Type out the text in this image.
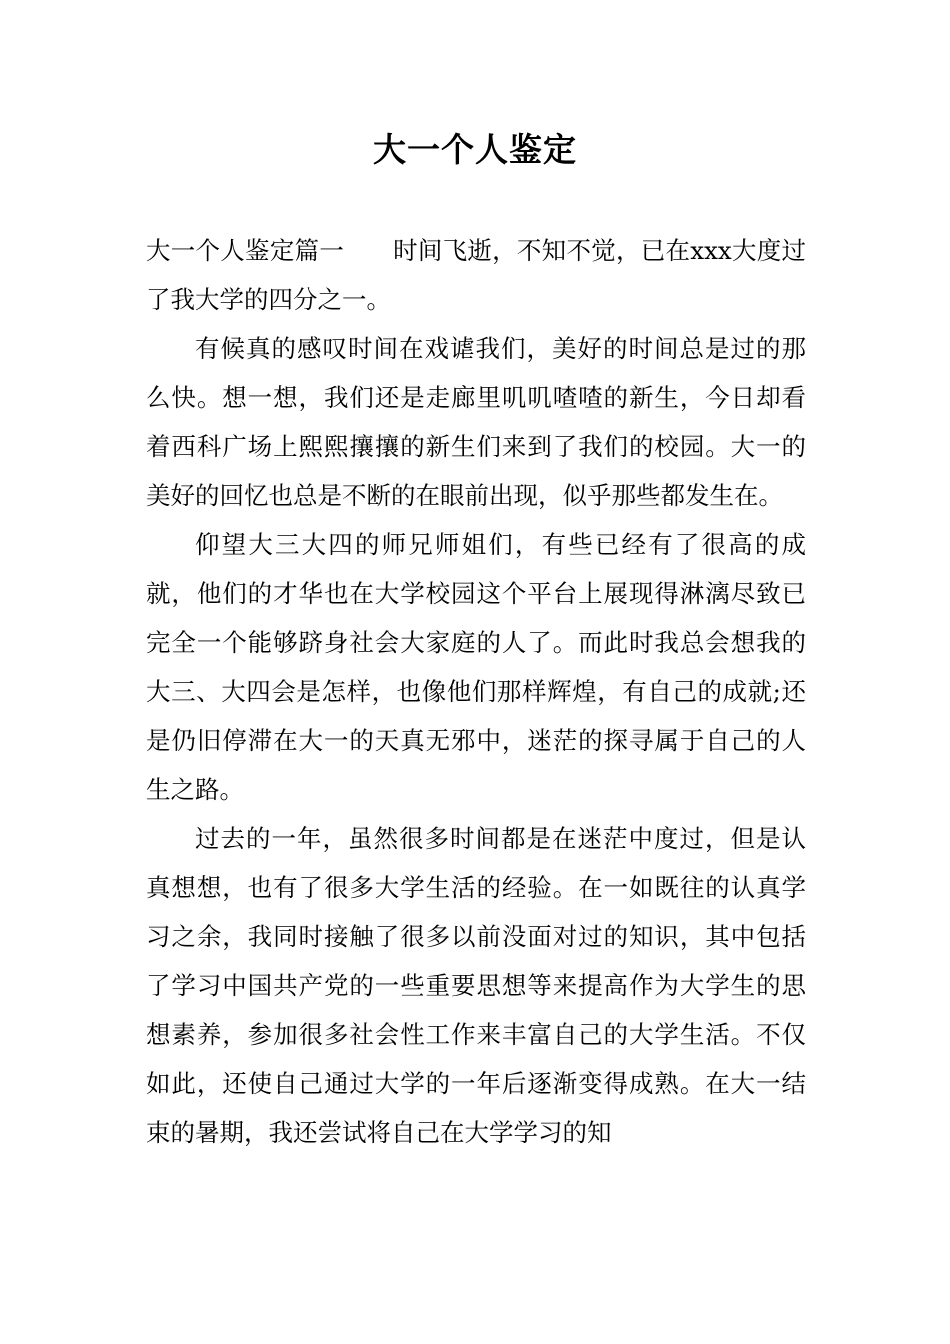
大一个人鉴定

大一个人鉴定篇一 时间飞逝，不知不觉，已在xxx大度过了我大学的四分之一。

有候真的感叹时间在戏谑我们，美好的时间总是过的那么快。想一想，我们还是走廊里叽叽喳喳的新生，今日却看着西科广场上熙熙攘攘的新生们来到了我们的校园。大一的美好的回忆也总是不断的在眼前出现，似乎那些都发生在。

仰望大三大四的师兄师姐们，有些已经有了很高的成就，他们的才华也在大学校园这个平台上展现得淋漓尽致已完全一个能够跻身社会大家庭的人了。而此时我总会想我的大三、大四会是怎样，也像他们那样辉煌，有自己的成就;还是仍旧停滞在大一的天真无邪中，迷茫的探寻属于自己的人生之路。

过去的一年，虽然很多时间都是在迷茫中度过，但是认真想想，也有了很多大学生活的经验。在一如既往的认真学习之余，我同时接触了很多以前没面对过的知识，其中包括了学习中国共产党的一些重要思想等来提高作为大学生的思想素养，参加很多社会性工作来丰富自己的大学生活。不仅如此，还使自己通过大学的一年后逐渐变得成熟。在大一结束的暑期，我还尝试将自己在大学学习的知
